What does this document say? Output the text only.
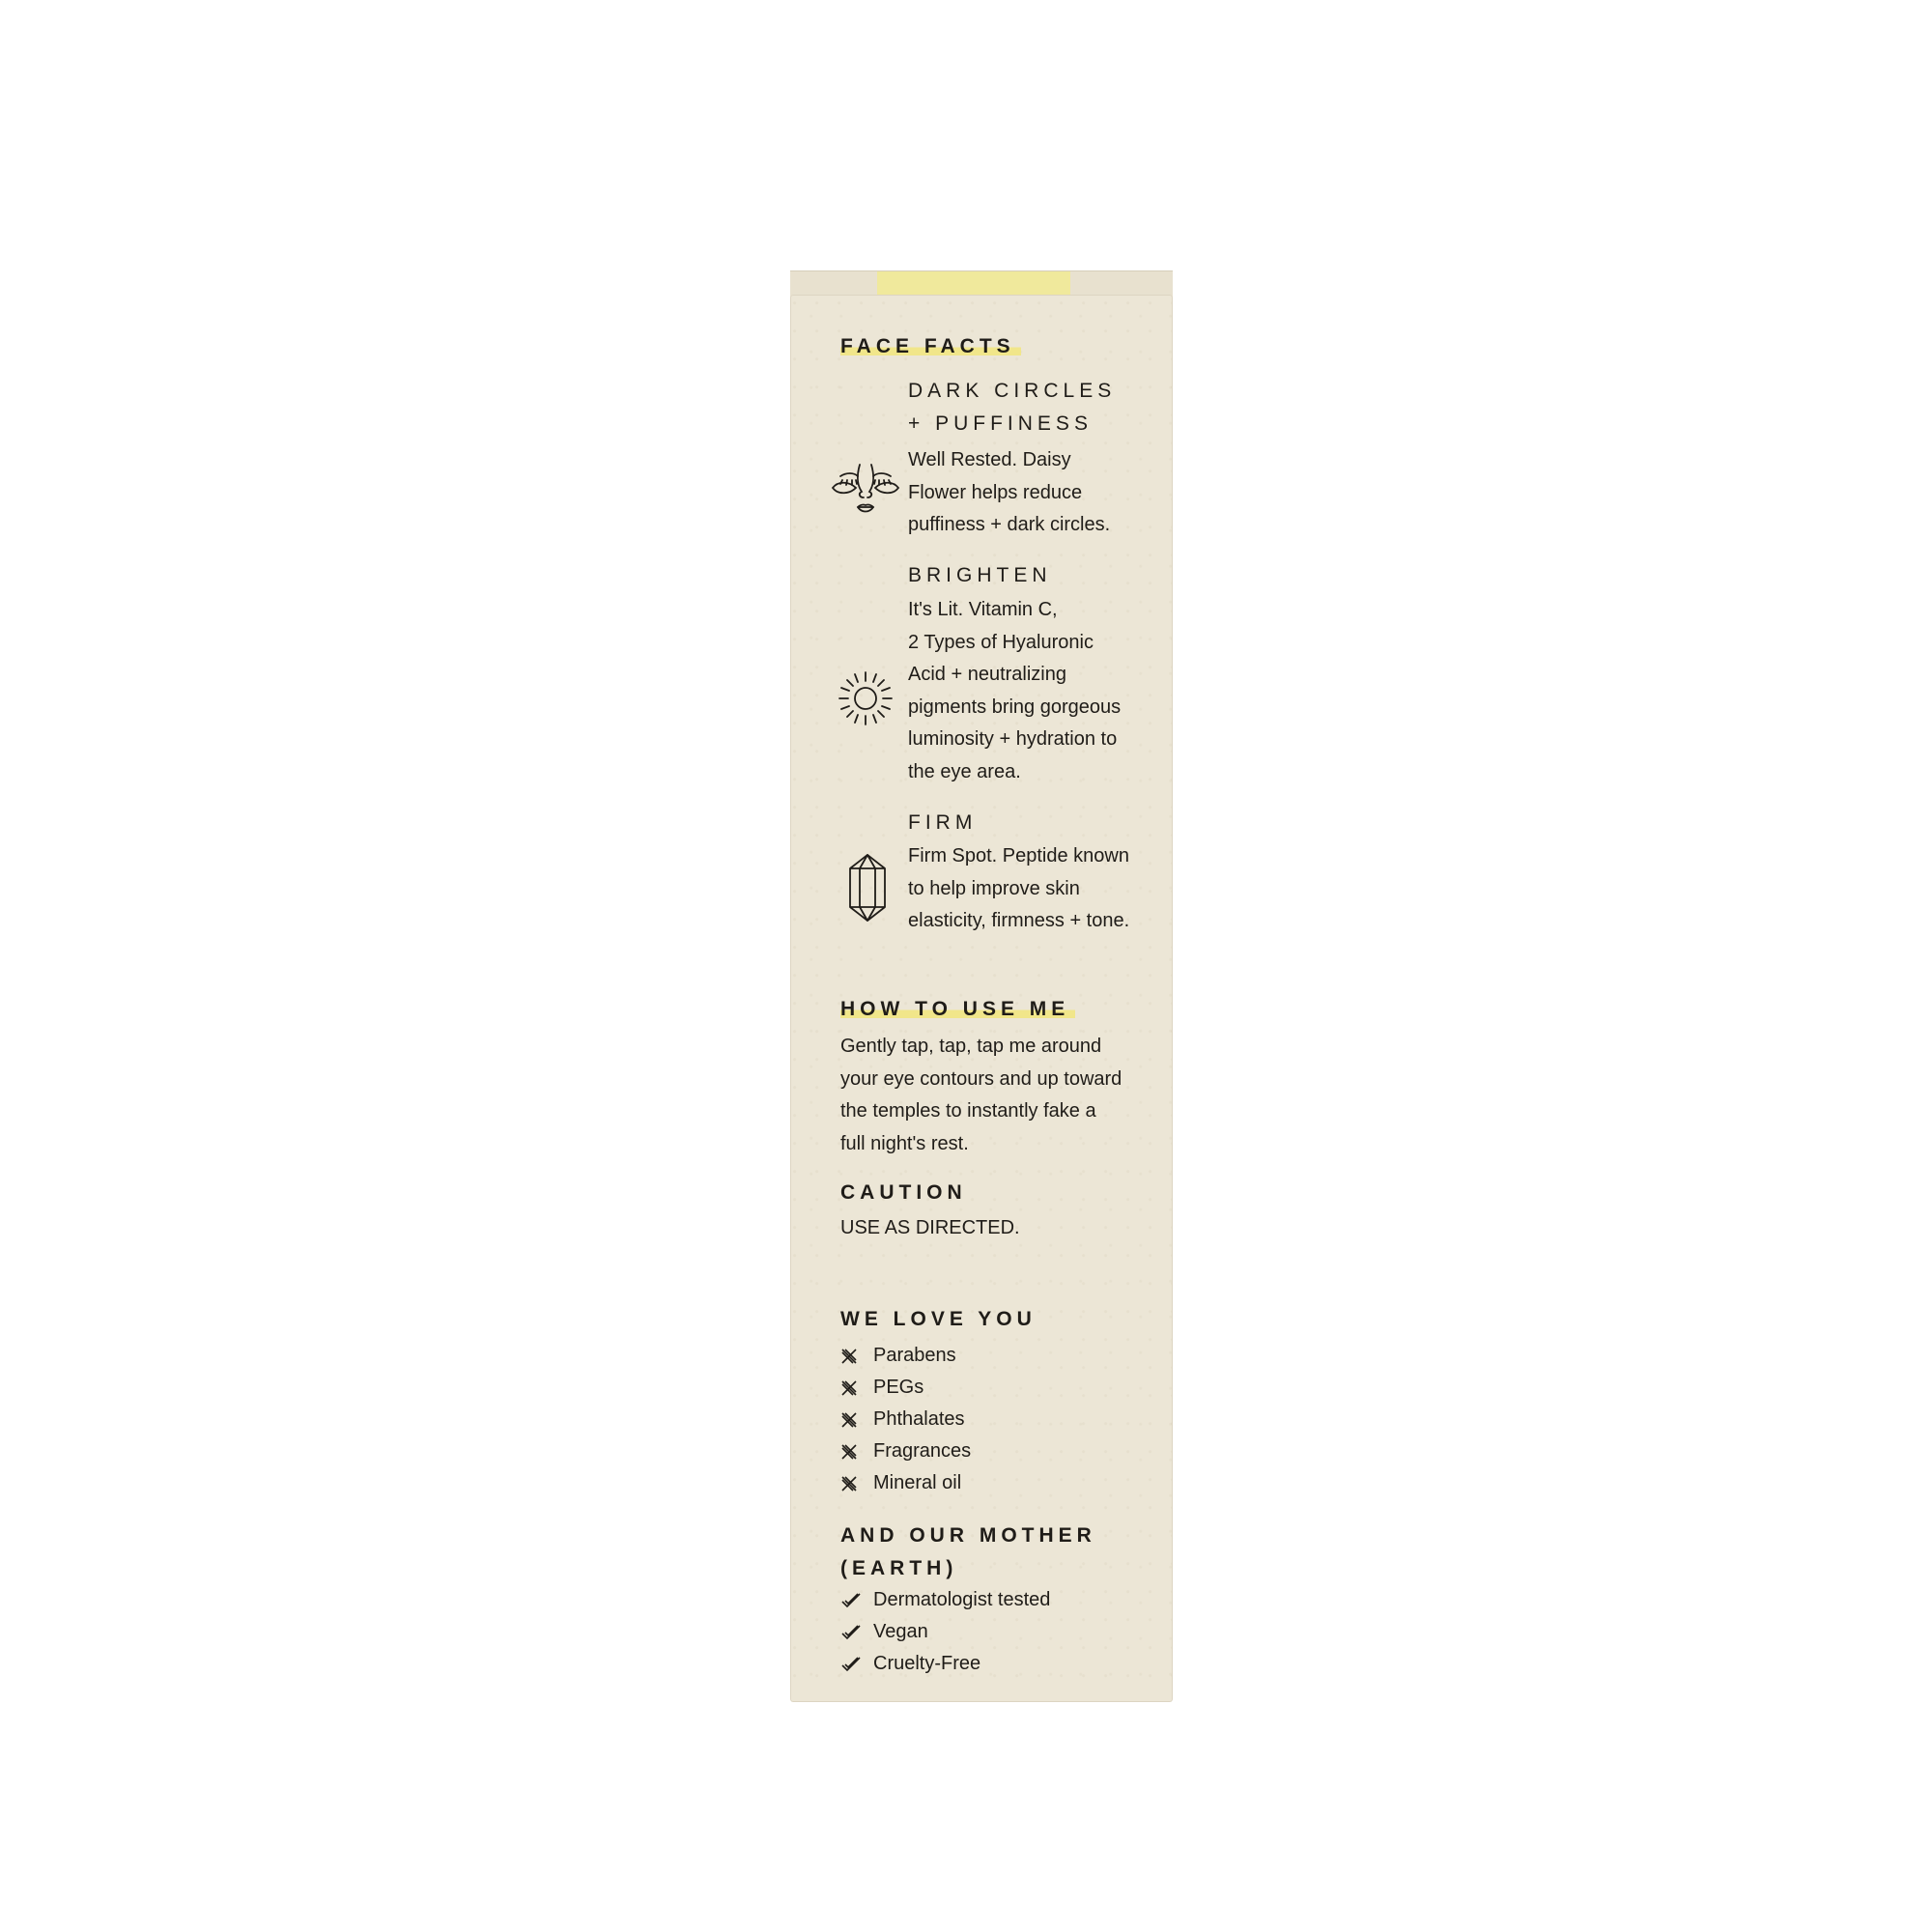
FACE FACTS
DARK CIRCLES
+ PUFFINESS
Well Rested. Daisy
Flower helps reduce
puffiness + dark circles.
BRIGHTEN
It's Lit. Vitamin C,
2 Types of Hyaluronic
Acid + neutralizing
pigments bring gorgeous
luminosity + hydration to
the eye area.
FIRM
Firm Spot. Peptide known
to help improve skin
elasticity, firmness + tone.
HOW TO USE ME
Gently tap, tap, tap me around
your eye contours and up toward
the temples to instantly fake a
full night's rest.
CAUTION
USE AS DIRECTED.
WE LOVE YOU
Parabens
PEGs
Phthalates
Fragrances
Mineral oil
AND OUR MOTHER
(EARTH)
Dermatologist tested
Vegan
Cruelty-Free
